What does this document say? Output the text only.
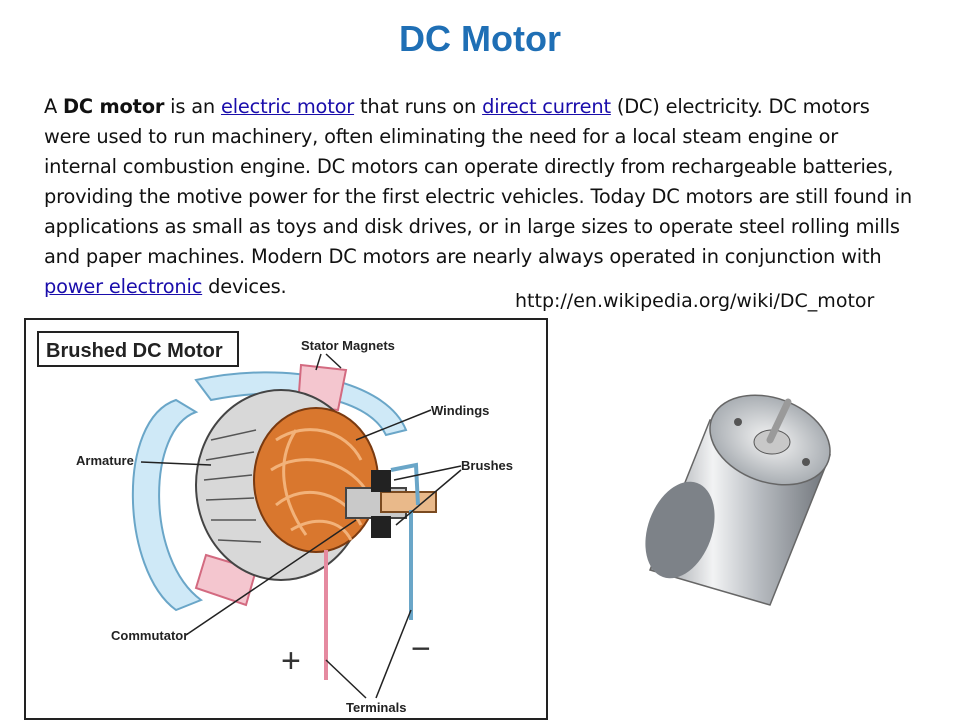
DC Motor
A DC motor is an electric motor that runs on direct current (DC) electricity. DC motors were used to run machinery, often eliminating the need for a local steam engine or internal combustion engine. DC motors can operate directly from rechargeable batteries, providing the motive power for the first electric vehicles. Today DC motors are still found in applications as small as toys and disk drives, or in large sizes to operate steel rolling mills and paper machines. Modern DC motors are nearly always operated in conjunction with power electronic devices.
http://en.wikipedia.org/wiki/DC_motor
Brushed DC Motor	Stator Magnets
Windings
Brushes
Armature
Commutator
Terminals
+	−
